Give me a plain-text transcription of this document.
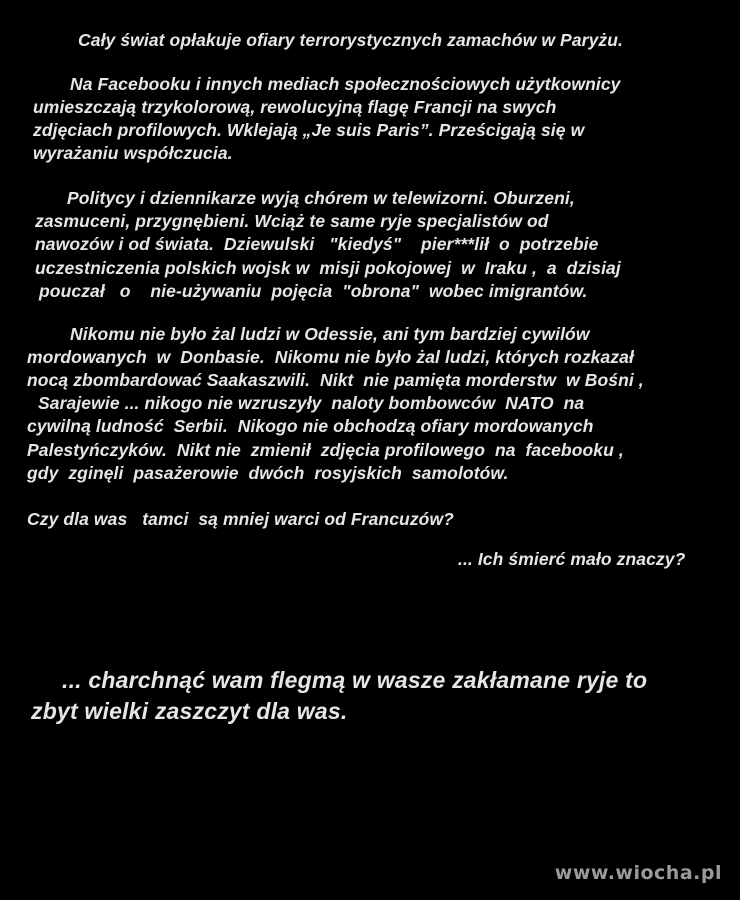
Cały świat opłakuje ofiary terrorystycznych zamachów w Paryżu.
Na Facebooku i innych mediach społecznościowych użytkownicy
umieszczają trzykolorową, rewolucyjną flagę Francji na swych
zdjęciach profilowych. Wklejają „Je suis Paris”. Prześcigają się w
wyrażaniu współczucia.
Politycy i dziennikarze wyją chórem w telewizorni. Oburzeni,
zasmuceni, przygnębieni. Wciąż te same ryje specjalistów od
nawozów i od świata.  Dziewulski   "kiedyś"    pier***lił  o  potrzebie
uczestniczenia polskich wojsk w  misji pokojowej  w  Iraku ,  a  dzisiaj
pouczał   o    nie-używaniu  pojęcia  "obrona"  wobec imigrantów.
Nikomu nie było żal ludzi w Odessie, ani tym bardziej cywilów
mordowanych  w  Donbasie.  Nikomu nie było żal ludzi, których rozkazał
nocą zbombardować Saakaszwili.  Nikt  nie pamięta morderstw  w Bośni ,
Sarajewie ... nikogo nie wzruszyły  naloty bombowców  NATO  na
cywilną ludność  Serbii.  Nikogo nie obchodzą ofiary mordowanych
Palestyńczyków.  Nikt nie  zmienił  zdjęcia profilowego  na  facebooku ,
gdy  zginęli  pasażerowie  dwóch  rosyjskich  samolotów.
Czy dla was   tamci  są mniej warci od Francuzów?
... Ich śmierć mało znaczy?
... charchnąć wam flegmą w wasze zakłamane ryje to
zbyt wielki zaszczyt dla was.
www.wiocha.pl
